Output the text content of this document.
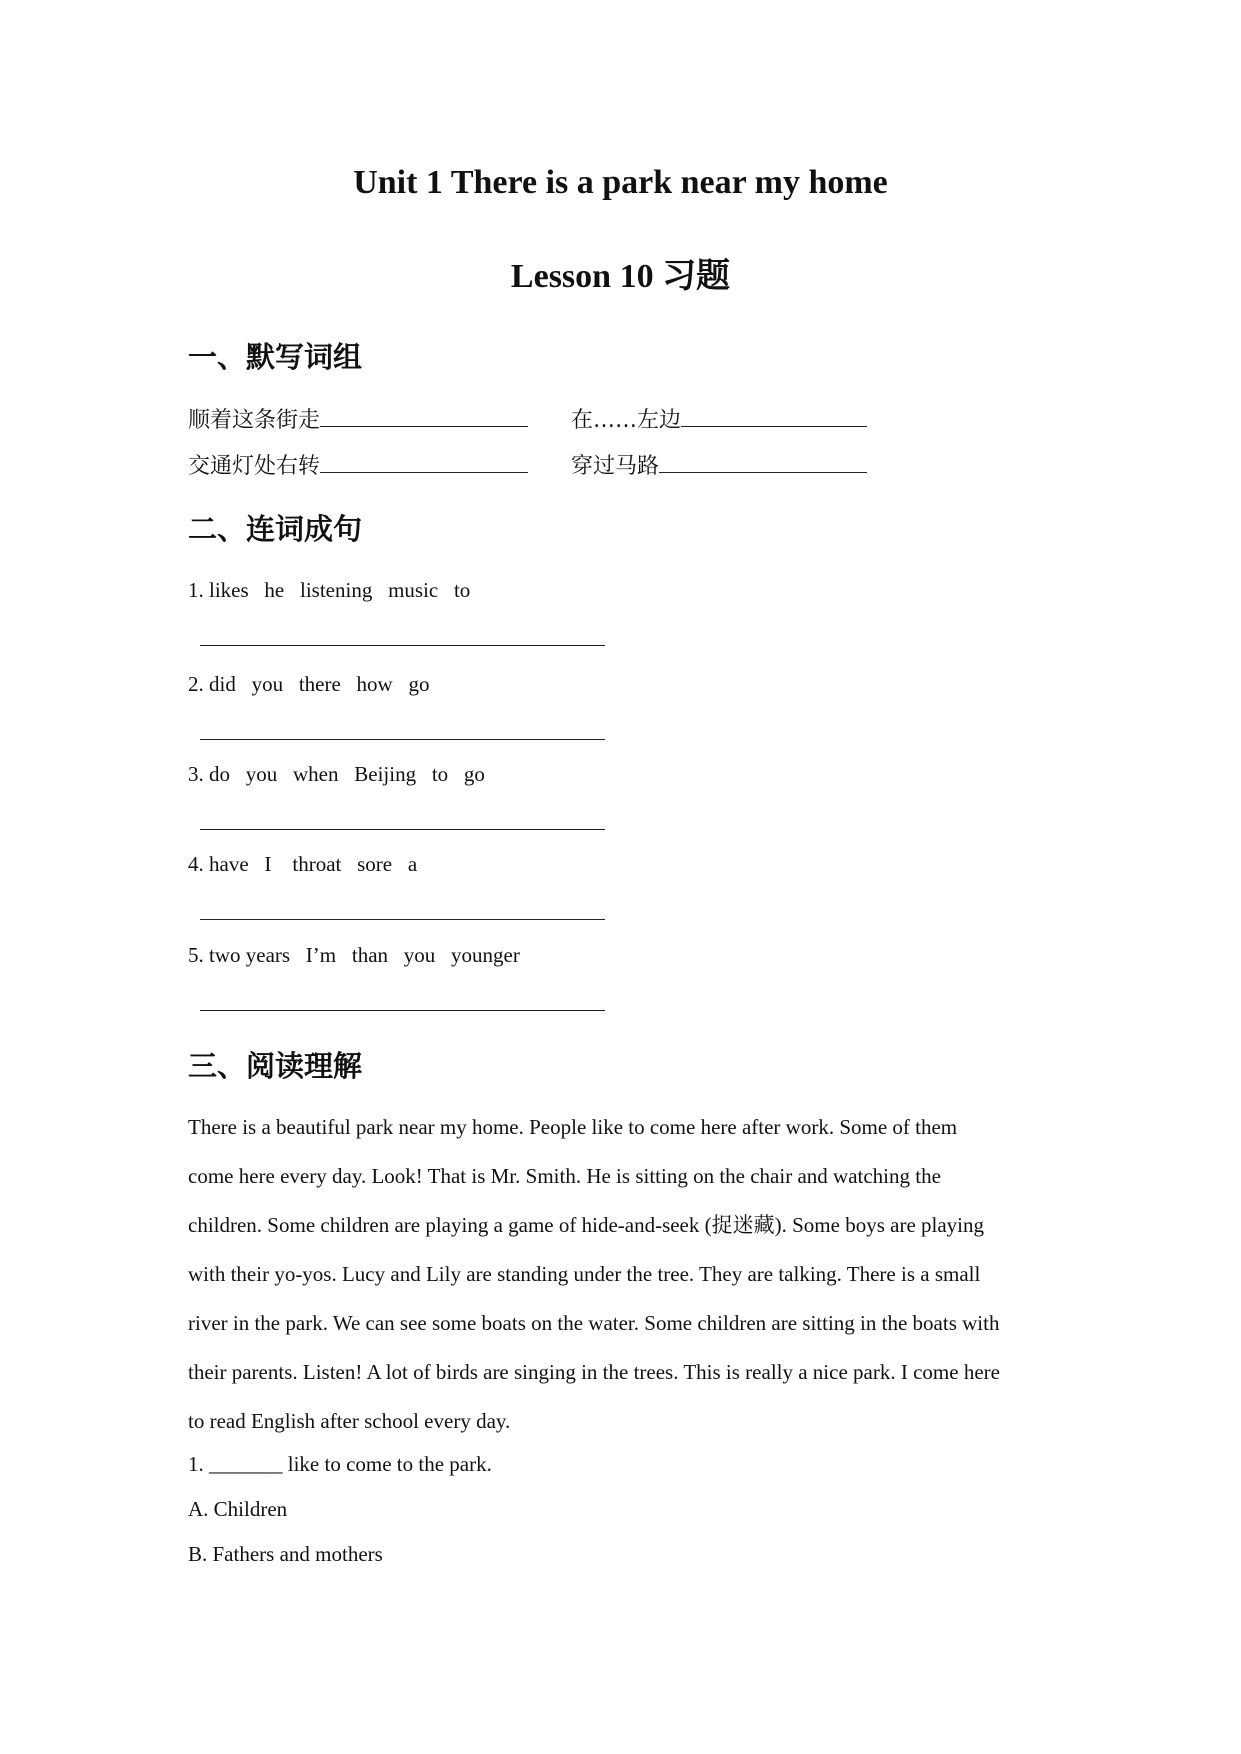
Unit 1 There is a park near my home
Lesson 10 习题
一、默写词组
顺着这条街走	在……左边
交通灯处右转	穿过马路
二、连词成句
1. likes   he   listening   music   to
2. did   you   there   how   go
3. do   you   when   Beijing   to   go
4. have   I    throat   sore   a
5. two years   I’m   than   you   younger
三、阅读理解

There is a beautiful park near my home. People like to come here after work. Some of them

come here every day. Look! That is Mr. Smith. He is sitting on the chair and watching the

children. Some children are playing a game of hide-and-seek (捉迷藏). Some boys are playing

with their yo-yos. Lucy and Lily are standing under the tree. They are talking. There is a small

river in the park. We can see some boats on the water. Some children are sitting in the boats with

their parents. Listen! A lot of birds are singing in the trees. This is really a nice park. I come here

to read English after school every day.

1. _______ like to come to the park.
A. Children
B. Fathers and mothers
